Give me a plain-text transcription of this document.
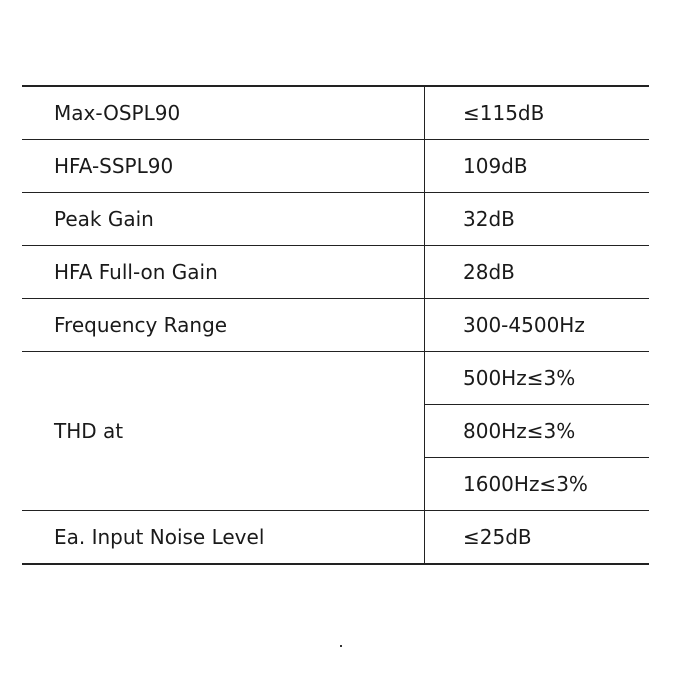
Max-OSPL90	≤115dB
HFA-SSPL90	109dB
Peak Gain	32dB
HFA Full-on Gain	28dB
Frequency Range	300-4500Hz
THD at	500Hz≤3%
	800Hz≤3%
	1600Hz≤3%
Ea. Input Noise Level	≤25dB
